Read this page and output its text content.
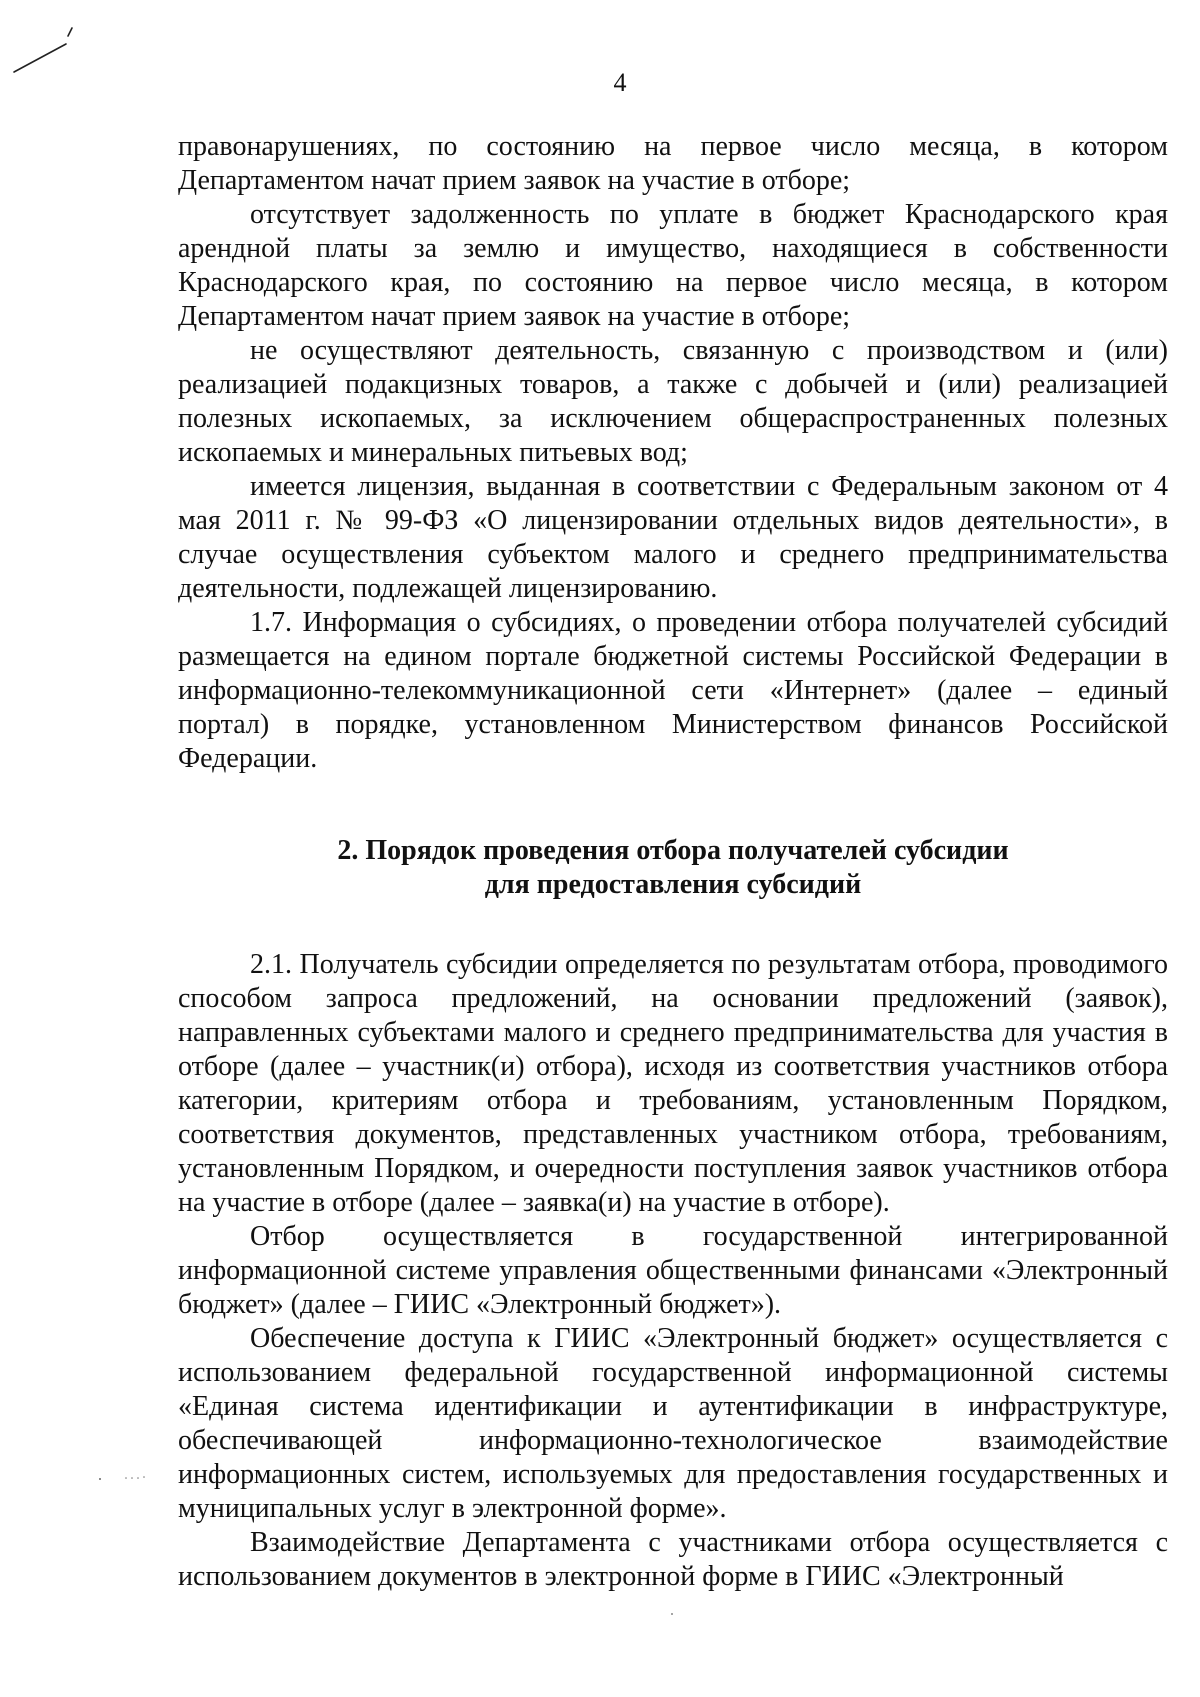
4

правонарушениях, по состоянию на первое число месяца, в котором Департаментом начат прием заявок на участие в отборе;

отсутствует задолженность по уплате в бюджет Краснодарского края арендной платы за землю и имущество, находящиеся в собственности Краснодарского края, по состоянию на первое число месяца, в котором Департаментом начат прием заявок на участие в отборе;

не осуществляют деятельность, связанную с производством и (или) реализацией подакцизных товаров, а также с добычей и (или) реализацией полезных ископаемых, за исключением общераспространенных полезных ископаемых и минеральных питьевых вод;

имеется лицензия, выданная в соответствии с Федеральным законом от 4 мая 2011 г. № 99-ФЗ «О лицензировании отдельных видов деятельности», в случае осуществления субъектом малого и среднего предпринимательства деятельности, подлежащей лицензированию.

1.7. Информация о субсидиях, о проведении отбора получателей субсидий размещается на едином портале бюджетной системы Российской Федерации в информационно-телекоммуникационной сети «Интернет» (далее – единый портал) в порядке, установленном Министерством финансов Российской Федерации.

2. Порядок проведения отбора получателей субсидии
для предоставления субсидий

2.1. Получатель субсидии определяется по результатам отбора, проводимого способом запроса предложений, на основании предложений (заявок), направленных субъектами малого и среднего предпринимательства для участия в отборе (далее – участник(и) отбора), исходя из соответствия участников отбора категории, критериям отбора и требованиям, установленным Порядком, соответствия документов, представленных участником отбора, требованиям, установленным Порядком, и очередности поступления заявок участников отбора на участие в отборе (далее – заявка(и) на участие в отборе).

Отбор осуществляется в государственной интегрированной информационной системе управления общественными финансами «Электронный бюджет» (далее – ГИИС «Электронный бюджет»).

Обеспечение доступа к ГИИС «Электронный бюджет» осуществляется с использованием федеральной государственной информационной системы «Единая система идентификации и аутентификации в инфраструктуре, обеспечивающей информационно-технологическое взаимодействие информационных систем, используемых для предоставления государственных и муниципальных услуг в электронной форме».

Взаимодействие Департамента с участниками отбора осуществляется с использованием документов в электронной форме в ГИИС «Электронный
